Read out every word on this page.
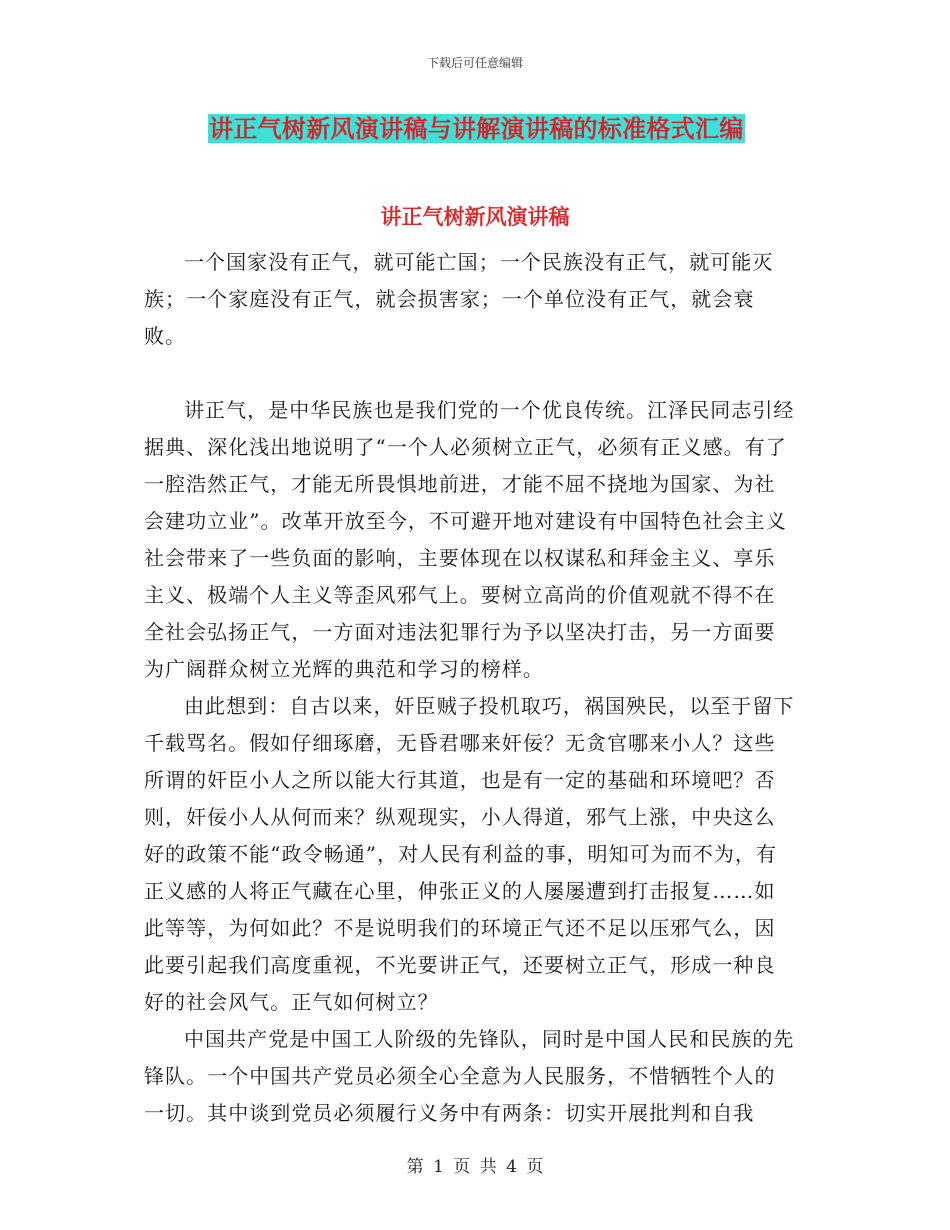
下载后可任意编辑
讲正气树新风演讲稿与讲解演讲稿的标准格式汇编
讲正气树新风演讲稿

一个国家没有正气，就可能亡国；一个民族没有正气，就可能灭族；一个家庭没有正气，就会损害家；一个单位没有正气，就会衰败。

讲正气，是中华民族也是我们党的一个优良传统。江泽民同志引经据典、深化浅出地说明了“一个人必须树立正气，必须有正义感。有了一腔浩然正气，才能无所畏惧地前进，才能不屈不挠地为国家、为社会建功立业”。改革开放至今，不可避开地对建设有中国特色社会主义社会带来了一些负面的影响，主要体现在以权谋私和拜金主义、享乐主义、极端个人主义等歪风邪气上。要树立高尚的价值观就不得不在全社会弘扬正气，一方面对违法犯罪行为予以坚决打击，另一方面要为广阔群众树立光辉的典范和学习的榜样。

由此想到：自古以来，奸臣贼子投机取巧，祸国殃民，以至于留下千载骂名。假如仔细琢磨，无昏君哪来奸佞？无贪官哪来小人？这些所谓的奸臣小人之所以能大行其道，也是有一定的基础和环境吧？否则，奸佞小人从何而来？纵观现实，小人得道，邪气上涨，中央这么好的政策不能“政令畅通”，对人民有利益的事，明知可为而不为，有正义感的人将正气藏在心里，伸张正义的人屡屡遭到打击报复……如此等等，为何如此？不是说明我们的环境正气还不足以压邪气么，因此要引起我们高度重视，不光要讲正气，还要树立正气，形成一种良好的社会风气。正气如何树立？

中国共产党是中国工人阶级的先锋队，同时是中国人民和民族的先锋队。一个中国共产党员必须全心全意为人民服务，不惜牺牲个人的一切。其中谈到党员必须履行义务中有两条：切实开展批判和自我

第 1 页 共 4 页
